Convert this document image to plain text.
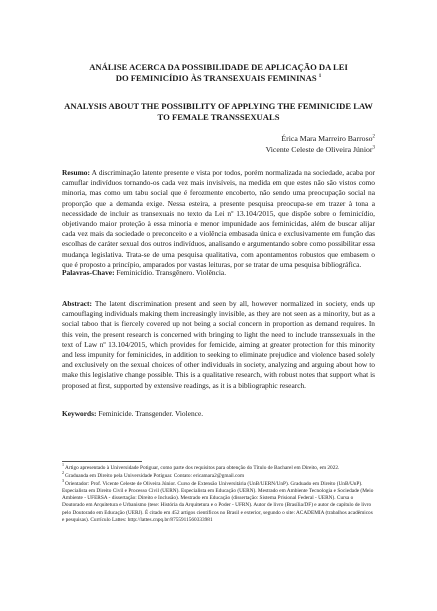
ANÁLISE ACERCA DA POSSIBILIDADE DE APLICAÇÃO DA LEI
DO FEMINICÍDIO ÀS TRANSEXUAIS FEMININAS $^1$
ANALYSIS ABOUT THE POSSIBILITY OF APPLYING THE FEMINICIDE LAW
TO FEMALE TRANSSEXUALS
Érica Mara Marreiro Barroso$^2$
Vicente Celeste de Oliveira Júnior$^3$

Resumo: A discriminação latente presente e vista por todos, porém normalizada na sociedade, acaba por camuflar indivíduos tornando-os cada vez mais invisíveis, na medida em que estes não são vistos como minoria, mas como um tabu social que é ferozmente encoberto, não sendo uma preocupação social na proporção que a demanda exige. Nessa esteira, a presente pesquisa preocupa-se em trazer à tona a necessidade de incluir as transexuais no texto da Lei nº 13.104/2015, que dispõe sobre o feminicídio, objetivando maior proteção à essa minoria e menor impunidade aos feminicidas, além de buscar alijar cada vez mais da sociedade o preconceito e a violência embasada única e exclusivamente em função das escolhas de caráter sexual dos outros indivíduos, analisando e argumentando sobre como possibilitar essa mudança legislativa. Trata-se de uma pesquisa qualitativa, com apontamentos robustos que embasem o que é proposto a princípio, amparados por vastas leituras, por se tratar de uma pesquisa bibliográfica.

Palavras-Chave: Feminicídio. Transgênero. Violência.

Abstract: The latent discrimination present and seen by all, however normalized in society, ends up camouflaging individuals making them increasingly invisible, as they are not seen as a minority, but as a social taboo that is fiercely covered up not being a social concern in proportion as demand requires. In this vein, the present research is concerned with bringing to light the need to include transsexuals in the text of Law nº 13.104/2015, which provides for femicide, aiming at greater protection for this minority and less impunity for feminicides, in addition to seeking to eliminate prejudice and violence based solely and exclusively on the sexual choices of other individuals in society, analyzing and arguing about how to make this legislative change possible. This is a qualitative research, with robust notes that support what is proposed at first, supported by extensive readings, as it is a bibliographic research.

Keywords: Feminicide. Transgender. Violence.

$^1$Artigo apresentado à Universidade Potiguar, como parte dos requisitos para obtenção do Título de Bacharel em Direito, em 2022.

$^2$Graduanda em Direito pela Universidade Potiguar. Contato: ericamara2@gmail.com

$^3$Orientador: Prof. Vicente Celeste de Oliveira Júnior. Curso de Extensão Universitária (UnB/UERN/UnP). Graduado em Direito (UnB/UnP). Especialista em Direito Civil e Processo Civil (UERN). Especialista em Educação (UERN). Mestrado em Ambiente Tecnologia e Sociedade (Meio Ambiente - UFERSA - dissertação: Direito e Inclusão). Mestrado em Educação (dissertação: Sistema Prisional Federal - UERN). Cursa o Doutorado em Arquitetura e Urbanismo (tese: História da Arquitetura e o Poder - UFRN). Autor de livro (Brasília/DF) e autor de capítulo de livro pelo Doutorado em Educação (UERJ). É citado em 452 artigos científicos no Brasil e exterior, segundo o site: ACADEMIA (trabalhos acadêmicos e pesquisas). Currículo Lattes: http://lattes.cnpq.br/8755911560333981
